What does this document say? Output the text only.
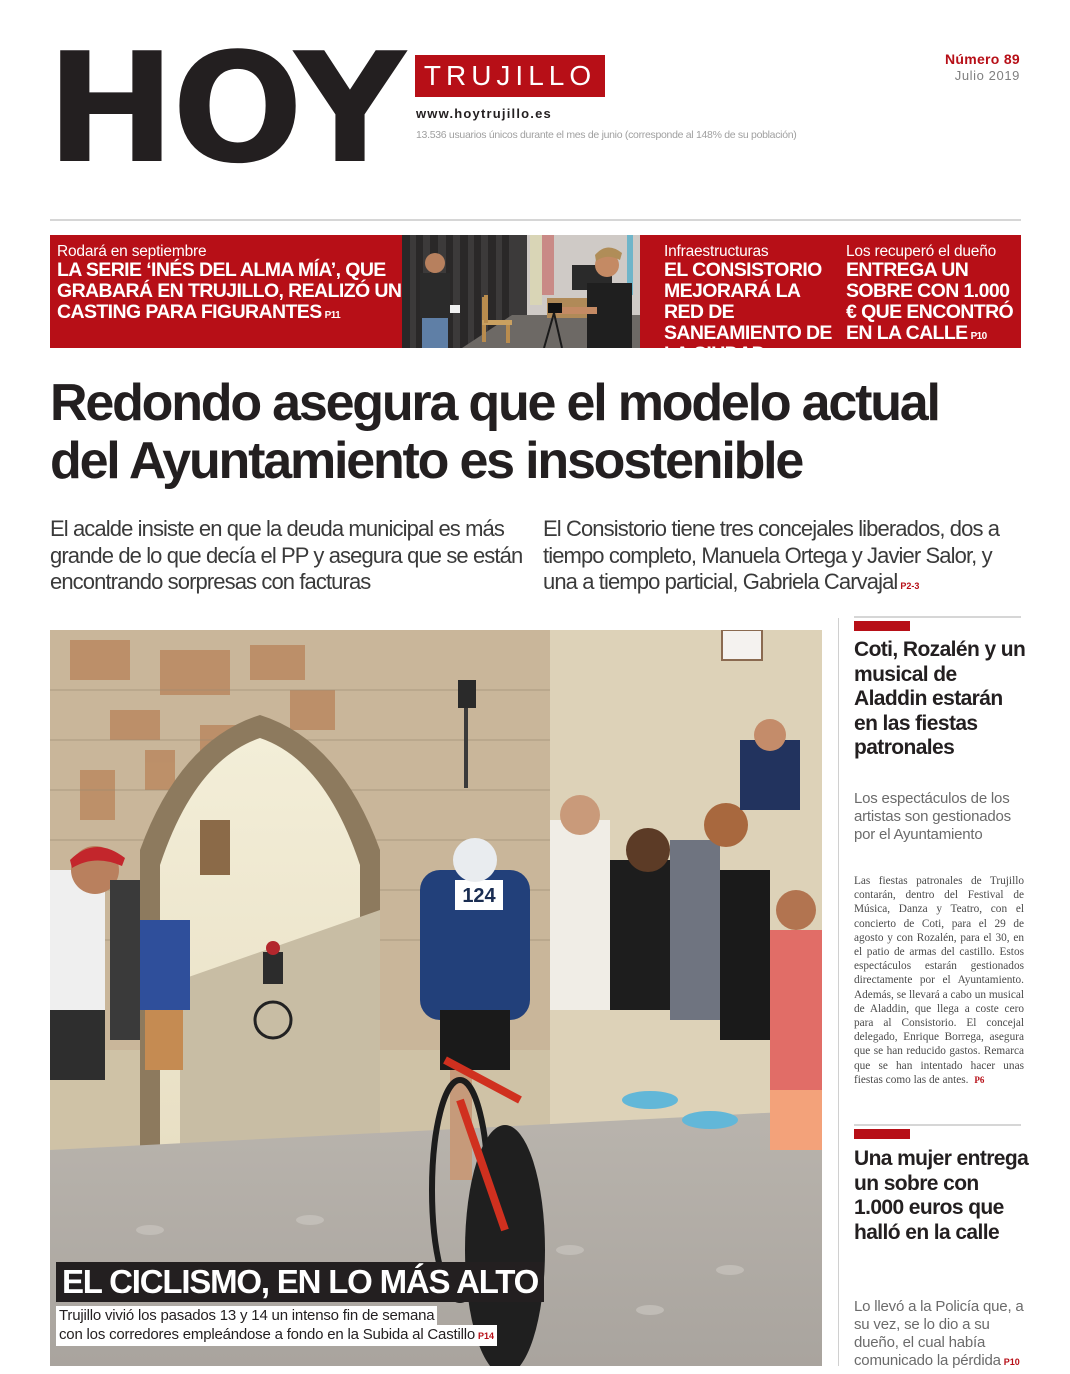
HOY TRUJILLO
www.hoytrujillo.es
13.536 usuarios únicos durante el mes de junio (corresponde al 148% de su población)
Número 89
Julio 2019
Rodará en septiembre
LA SERIE ‘INÉS DEL ALMA MÍA’, QUE GRABARÁ EN TRUJILLO, REALIZÓ UN CASTING PARA FIGURANTES P11
Infraestructuras
EL CONSISTORIO MEJORARÁ LA RED DE SANEAMIENTO DE LA CIUDAD P4
Los recuperó el dueño
ENTREGA UN SOBRE CON 1.000 € QUE ENCONTRÓ EN LA CALLE P10
Redondo asegura que el modelo actual
del Ayuntamiento es insostenible
El acalde insiste en que la deuda municipal es más grande de lo que decía el PP y asegura que se están encontrando sorpresas con facturas
El Consistorio tiene tres concejales liberados, dos a tiempo completo, Manuela Ortega y Javier Salor, y una a tiempo particial, Gabriela Carvajal P2-3
124
EL CICLISMO, EN LO MÁS ALTO
Trujillo vivió los pasados 13 y 14 un intenso fin de semana
con los corredores empleándose a fondo en la Subida al Castillo P14
Coti, Rozalén y un musical de Aladdin estarán en las fiestas patronales
Los espectáculos de los artistas son gestionados por el Ayuntamiento
Las fiestas patronales de Trujillo contarán, dentro del Festival de Música, Danza y Teatro, con el concierto de Coti, para el 29 de agosto y con Rozalén, para el 30, en el patio de armas del castillo. Estos espectáculos estarán gestionados directamente por el Ayuntamiento. Además, se llevará a cabo un musical de Aladdin, que llega a coste cero para al Consistorio. El concejal delegado, Enrique Borrega, asegura que se han reducido gastos. Remarca que se han intentado hacer unas fiestas como las de antes. P6
Una mujer entrega un sobre con 1.000 euros que halló en la calle
Lo llevó a la Policía que, a su vez, se lo dio a su dueño, el cual había comunicado la pérdida P10
